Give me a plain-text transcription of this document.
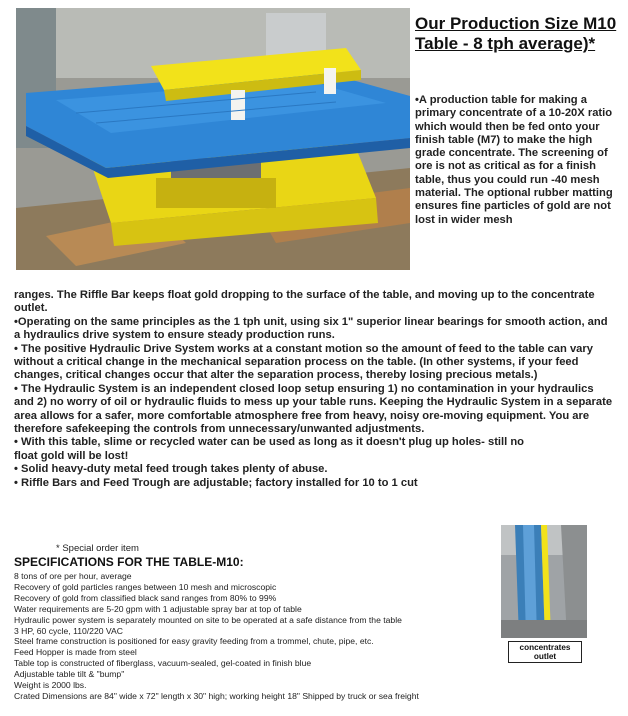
Our Production Size M10 Table - 8 tph average)*
•A production table for making a primary concentrate of a 10-20X ratio which would then be fed onto your finish table (M7) to make the high grade concentrate. The screening of ore is not as critical as for a finish table, thus you could run -40 mesh material. The optional rubber matting ensures fine particles of gold are not lost in wider mesh

ranges. The Riffle Bar keeps float gold dropping to the surface of the table, and moving up to the concentrate outlet.

•Operating on the same principles as the 1 tph unit, using six 1" superior linear bearings for smooth action, and a hydraulics drive system to ensure steady production runs.

• The positive Hydraulic Drive System works at a constant motion so the amount of feed to the table can vary without a critical change in the mechanical separation process on the table. (In other systems, if your feed changes, critical changes occur that alter the separation process, thereby losing precious metals.)

• The Hydraulic System is an independent closed loop setup ensuring 1) no contamination in your hydraulics and 2) no worry of oil or hydraulic fluids to mess up your table runs. Keeping the Hydraulic System in a separate area allows for a safer, more comfortable atmosphere free from heavy, noisy ore-moving equipment. You are therefore safekeeping the controls from unnecessary/unwanted adjustments.

• With this table, slime or recycled water can be used as long as it doesn't plug up holes- still no float gold will be lost!

• Solid heavy-duty metal feed trough takes plenty of abuse.

• Riffle Bars and Feed Trough are adjustable; factory installed for 10 to 1 cut

* Special order item
SPECIFICATIONS FOR THE TABLE-M10:
8 tons of ore per hour, average
Recovery of gold particles ranges between 10 mesh and microscopic
Recovery of gold from classified black sand ranges from 80% to 99%
Water requirements are 5-20 gpm with 1 adjustable spray bar at top of table
Hydraulic power system is separately mounted on site to be operated at a safe distance from the table
3 HP, 60 cycle, 110/220 VAC
Steel frame construction is positioned for easy gravity feeding from a trommel, chute, pipe, etc.
Feed Hopper is made from steel
Table top is constructed of fiberglass, vacuum-sealed, gel-coated in finish blue
Adjustable table tilt & "bump"
Weight is 2000 lbs.
Crated Dimensions are 84" wide x 72" length x 30" high; working height 18" Shipped by truck or sea freight
concentrates outlet
